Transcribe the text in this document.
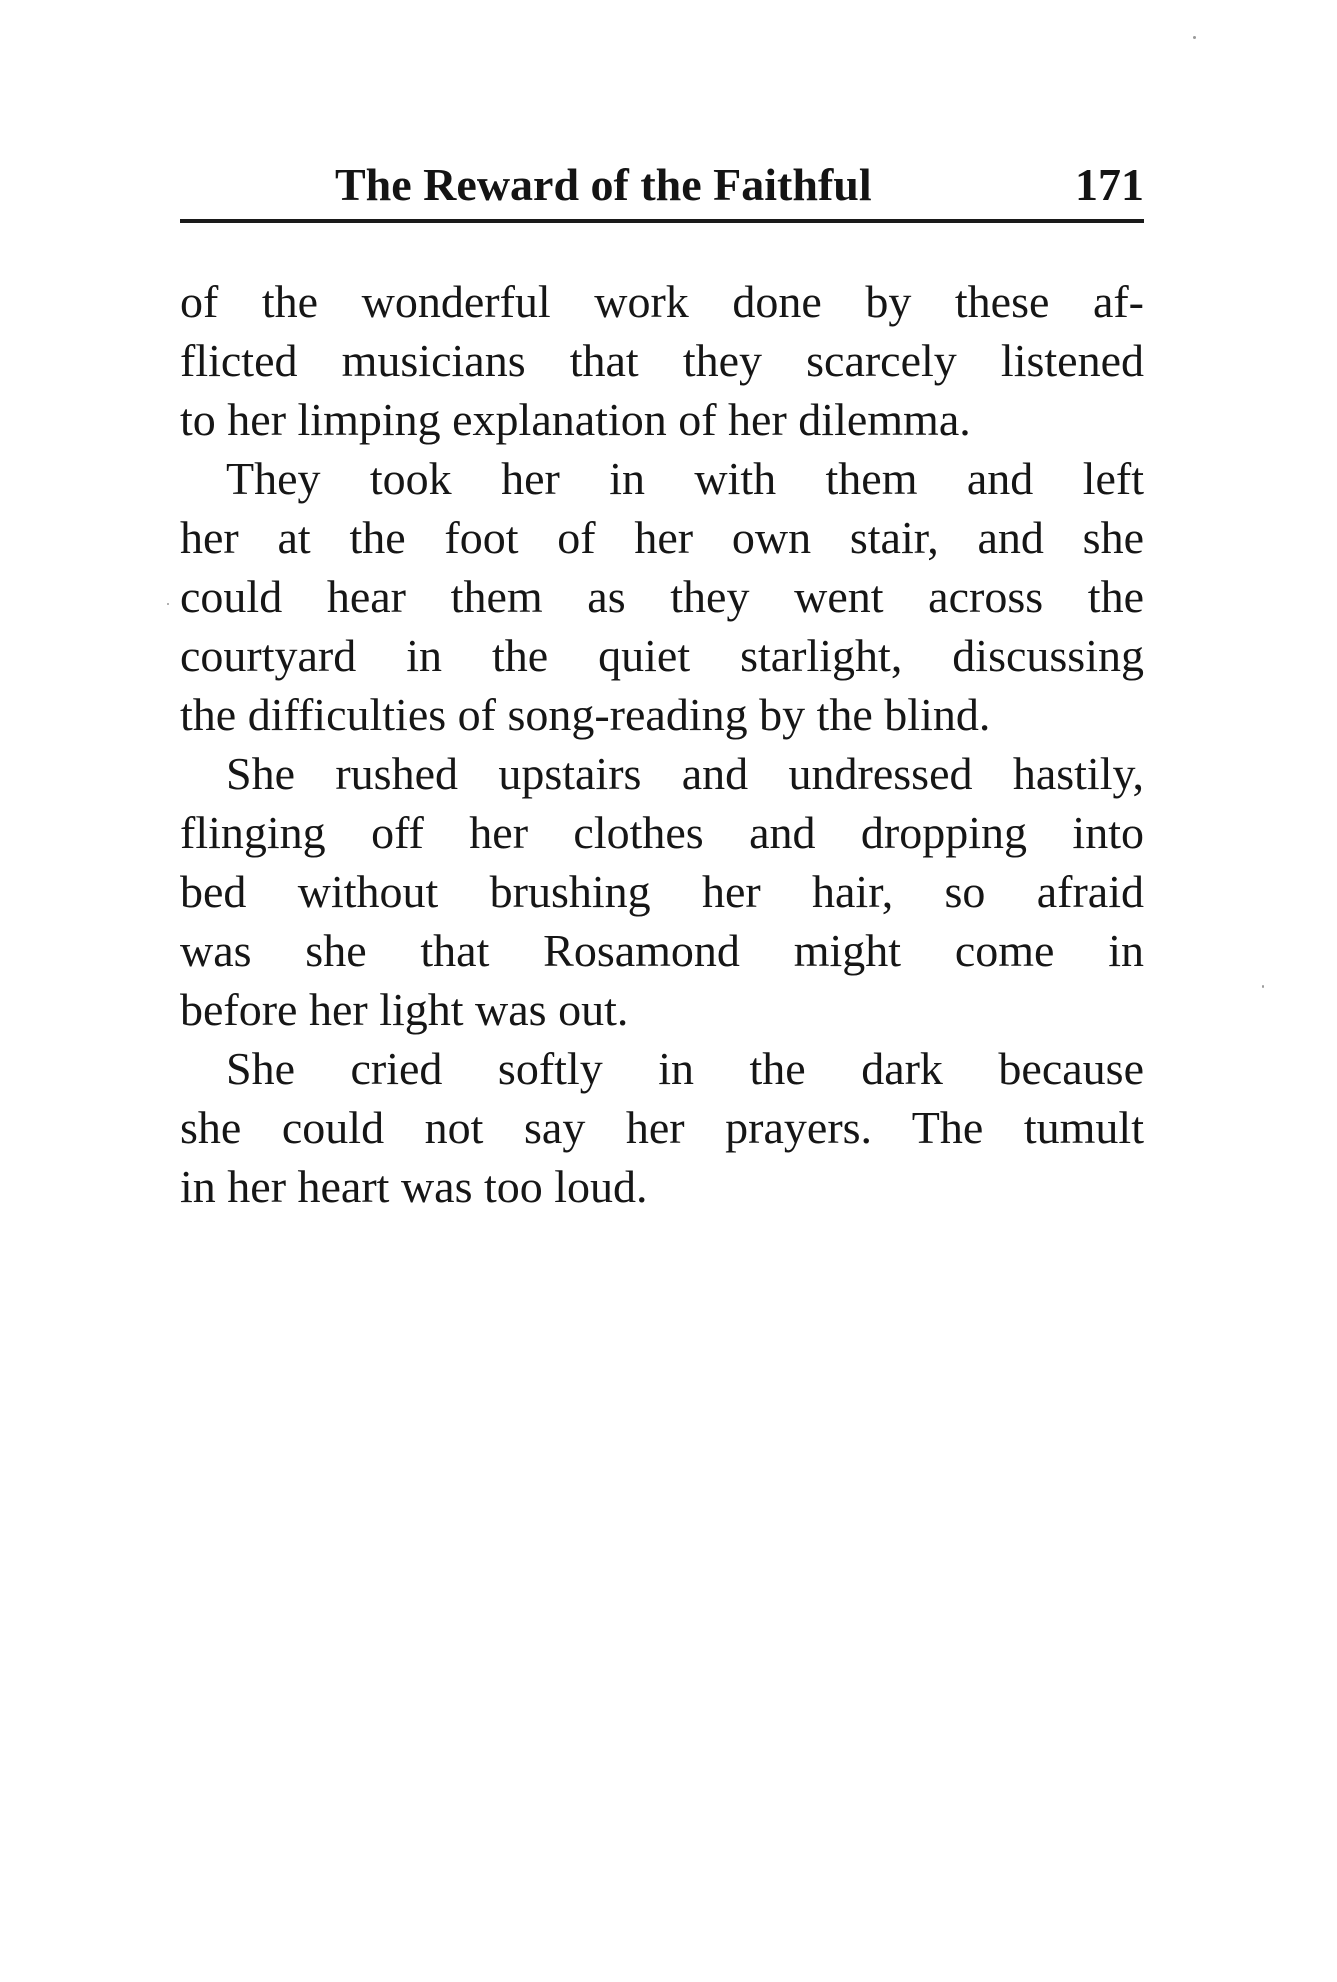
The Reward of the Faithful	171
of the wonderful work done by these af-
flicted musicians that they scarcely listened
to her limping explanation of her dilemma.
They took her in with them and left
her at the foot of her own stair, and she
could hear them as they went across the
courtyard in the quiet starlight, discussing
the difficulties of song-reading by the blind.
She rushed upstairs and undressed hastily,
flinging off her clothes and dropping into
bed without brushing her hair, so afraid
was she that Rosamond might come in
before her light was out.
She cried softly in the dark because
she could not say her prayers. The tumult
in her heart was too loud.
